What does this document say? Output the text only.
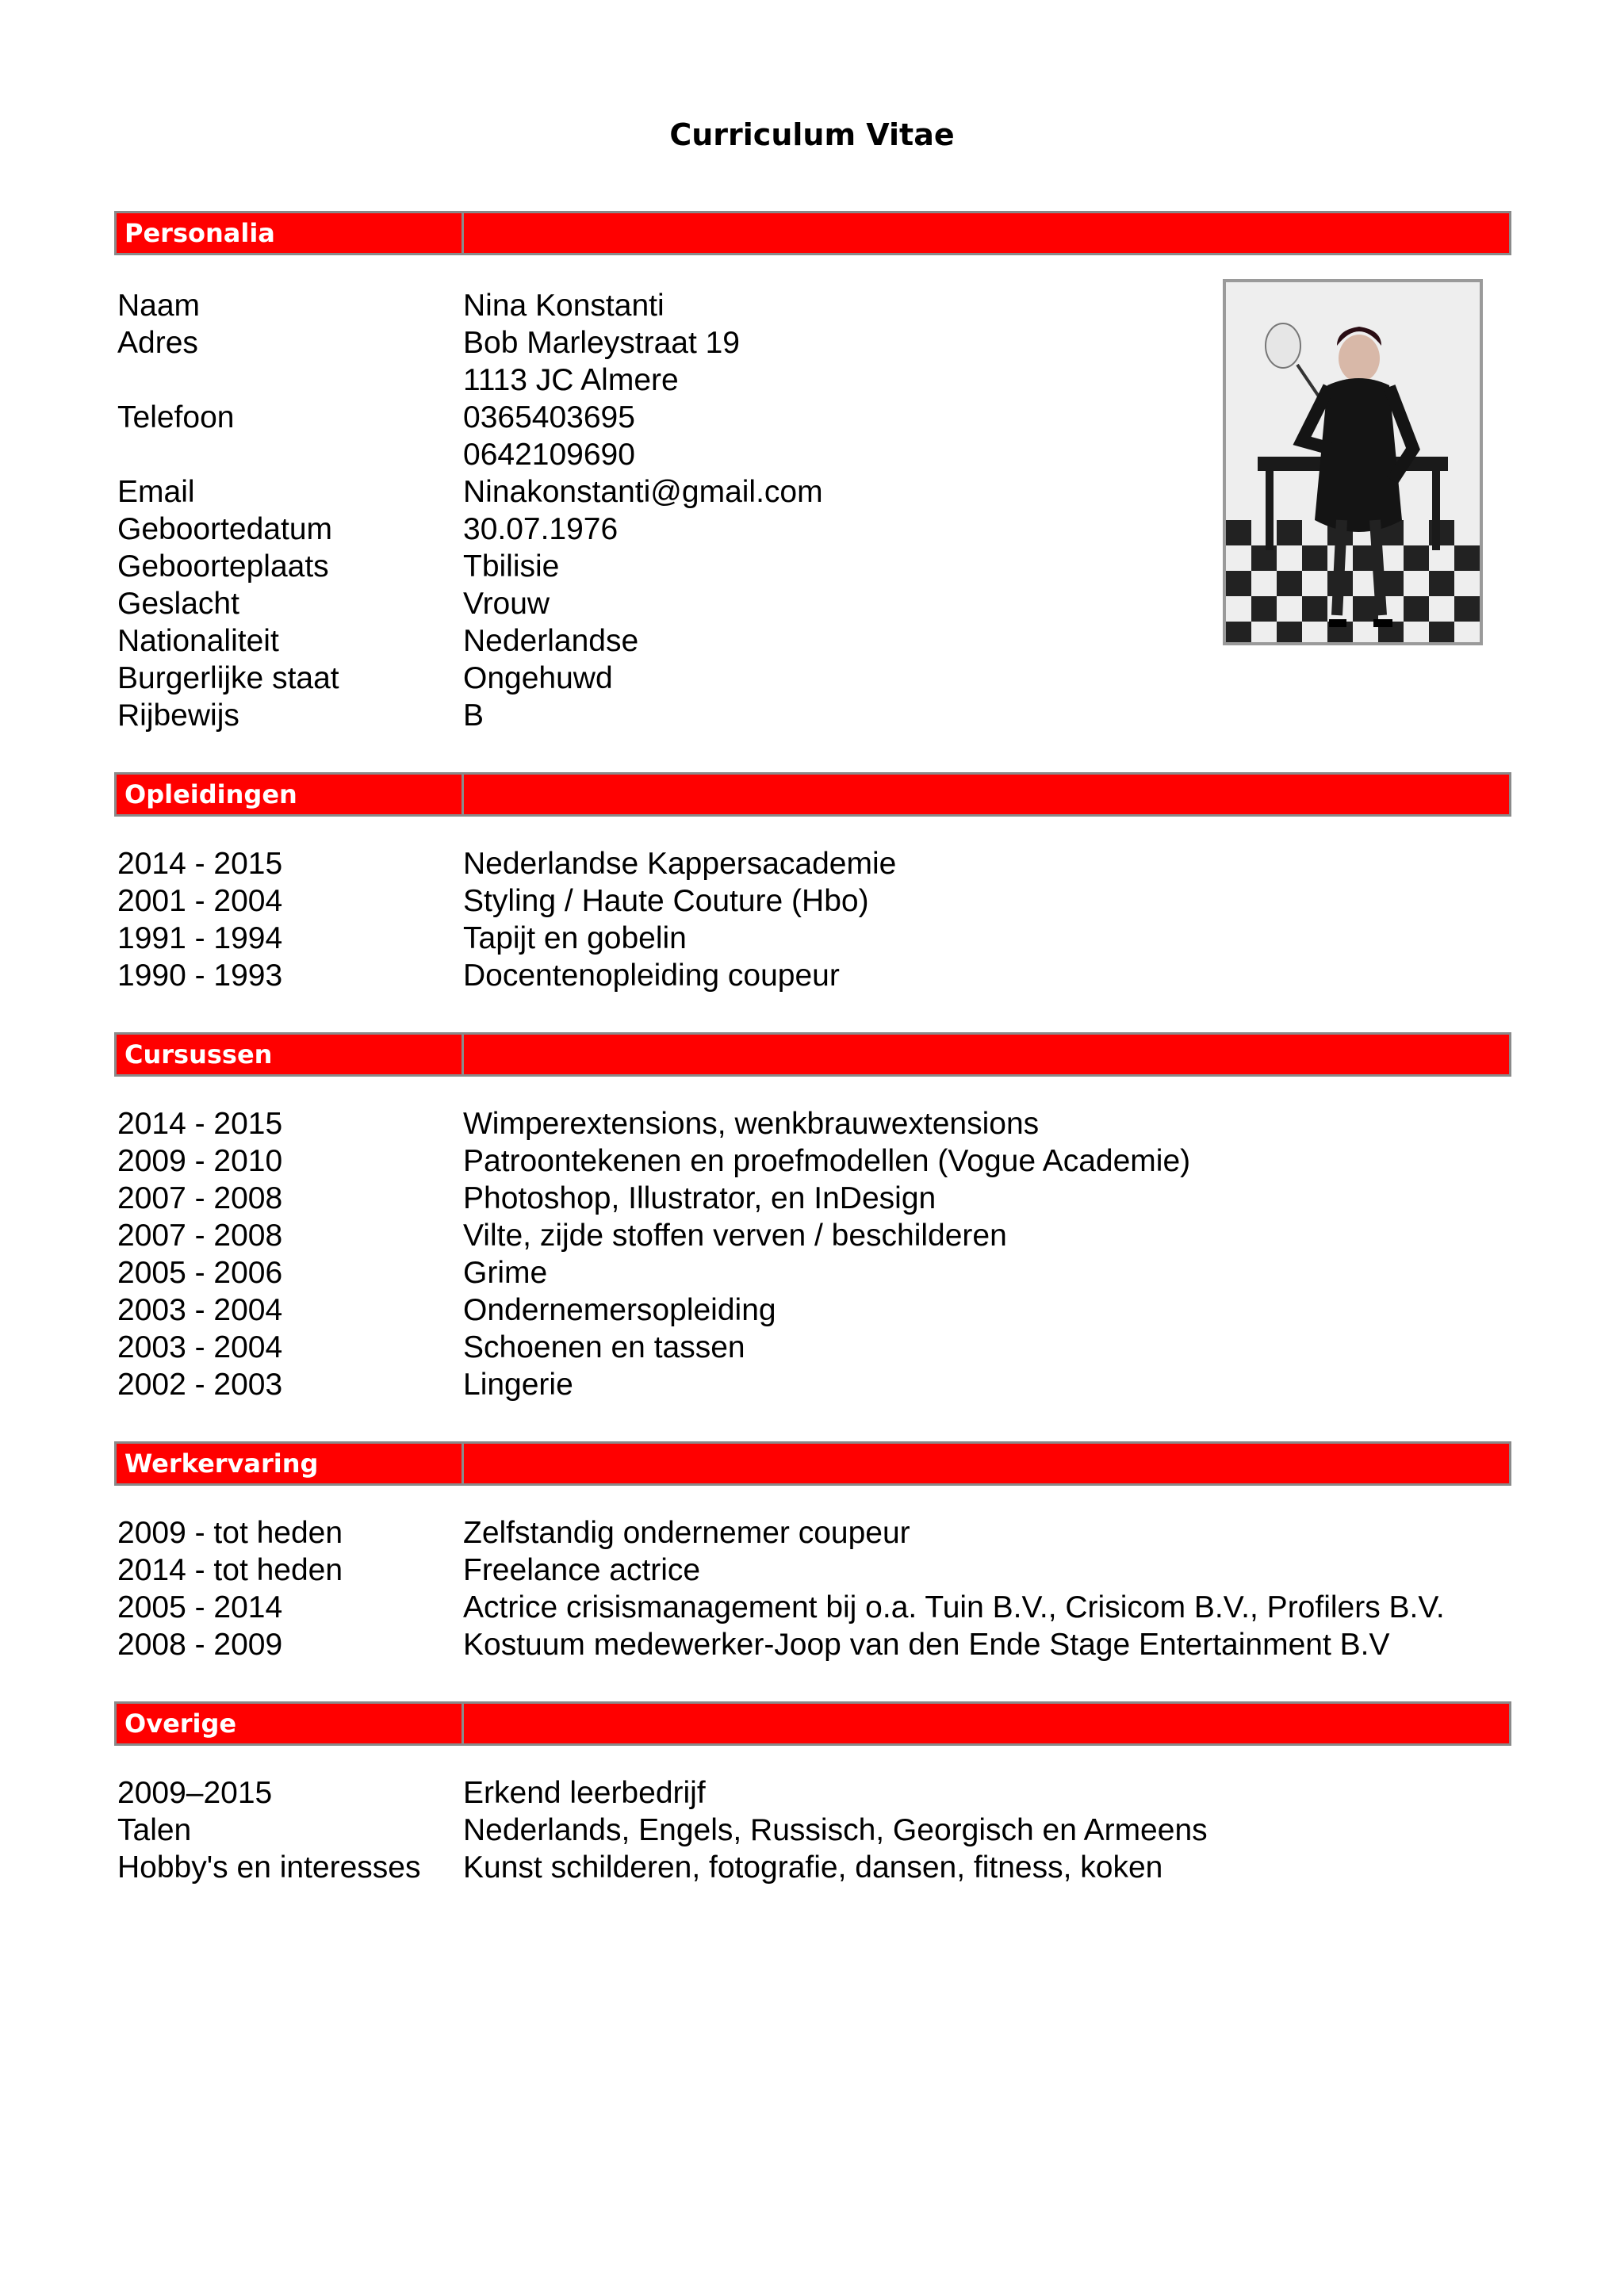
Curriculum Vitae
Personalia
Naam	Nina Konstanti
Adres	Bob Marleystraat 19
1113 JC Almere
Telefoon	0365403695
0642109690
Email	Ninakonstanti@gmail.com
Geboortedatum	30.07.1976
Geboorteplaats	Tbilisie
Geslacht	Vrouw
Nationaliteit	Nederlandse
Burgerlijke staat	Ongehuwd
Rijbewijs	B
Opleidingen
2014 - 2015	Nederlandse Kappersacademie
2001 - 2004	Styling / Haute Couture (Hbo)
1991 - 1994	Tapijt en gobelin
1990 - 1993	Docentenopleiding coupeur
Cursussen
2014 - 2015	Wimperextensions, wenkbrauwextensions
2009 - 2010	Patroontekenen en proefmodellen (Vogue Academie)
2007 - 2008	Photoshop, Illustrator, en InDesign
2007 - 2008	Vilte, zijde stoffen verven / beschilderen
2005 - 2006	Grime
2003 - 2004	Ondernemersopleiding
2003 - 2004	Schoenen en tassen
2002 - 2003	Lingerie
Werkervaring
2009 - tot heden	Zelfstandig ondernemer coupeur
2014 - tot heden	Freelance actrice
2005 - 2014	Actrice crisismanagement bij o.a. Tuin B.V., Crisicom B.V., Profilers B.V.
2008 - 2009	Kostuum medewerker-Joop van den Ende Stage Entertainment B.V
Overige
2009–2015	Erkend leerbedrijf
Talen	Nederlands, Engels, Russisch, Georgisch en Armeens
Hobby's en interesses	Kunst schilderen, fotografie, dansen, fitness, koken
